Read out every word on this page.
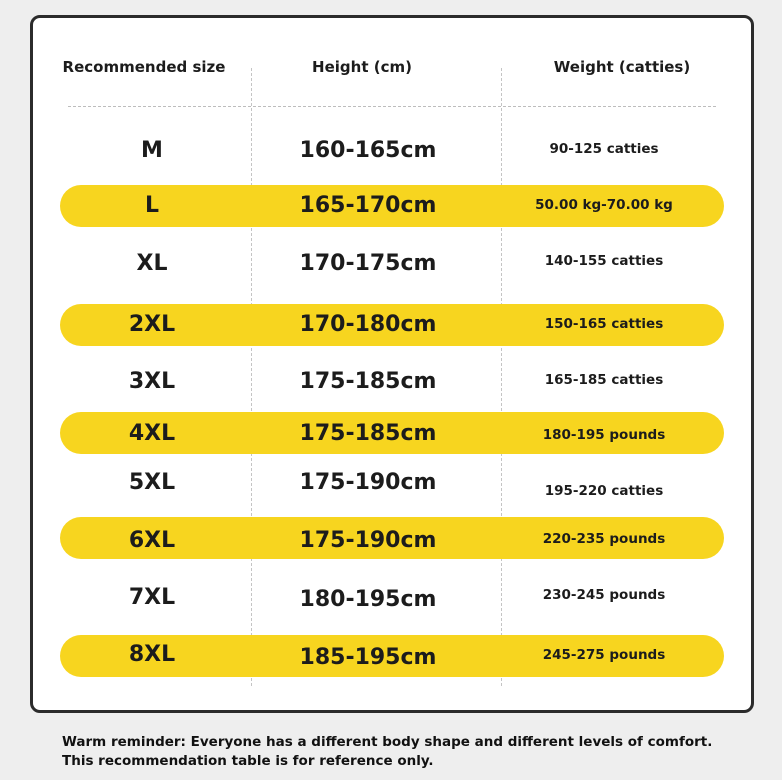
Recommended size	Height (cm)	Weight (catties)
M	160-165cm	90-125 catties
L	165-170cm	50.00 kg-70.00 kg
XL	170-175cm	140-155 catties
2XL	170-180cm	150-165 catties
3XL	175-185cm	165-185 catties
4XL	175-185cm	180-195 pounds
5XL	175-190cm	195-220 catties
6XL	175-190cm	220-235 pounds
7XL	180-195cm	230-245 pounds
8XL	185-195cm	245-275 pounds
Warm reminder: Everyone has a different body shape and different levels of comfort. This recommendation table is for reference only.
